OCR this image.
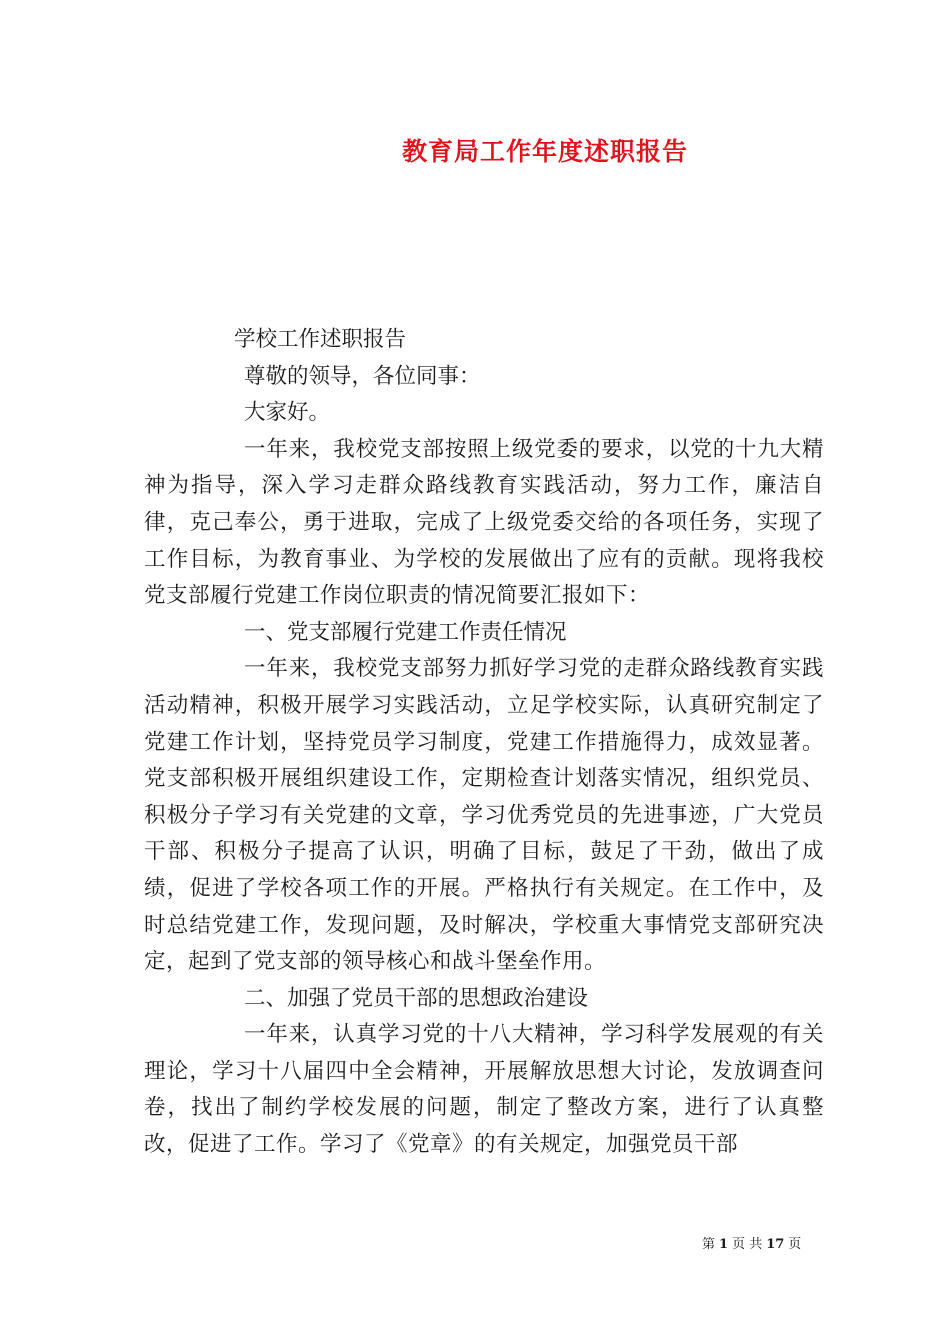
教育局工作年度述职报告

学校工作述职报告

尊敬的领导，各位同事：

大家好。

一年来，我校党支部按照上级党委的要求，以党的十九大精神为指导，深入学习走群众路线教育实践活动，努力工作，廉洁自律，克己奉公，勇于进取，完成了上级党委交给的各项任务，实现了工作目标，为教育事业、为学校的发展做出了应有的贡献。现将我校党支部履行党建工作岗位职责的情况简要汇报如下：

一、党支部履行党建工作责任情况

一年来，我校党支部努力抓好学习党的走群众路线教育实践活动精神，积极开展学习实践活动，立足学校实际，认真研究制定了党建工作计划，坚持党员学习制度，党建工作措施得力，成效显著。党支部积极开展组织建设工作，定期检查计划落实情况，组织党员、积极分子学习有关党建的文章，学习优秀党员的先进事迹，广大党员干部、积极分子提高了认识，明确了目标，鼓足了干劲，做出了成绩，促进了学校各项工作的开展。严格执行有关规定。在工作中，及时总结党建工作，发现问题，及时解决，学校重大事情党支部研究决定，起到了党支部的领导核心和战斗堡垒作用。

二、加强了党员干部的思想政治建设

一年来，认真学习党的十八大精神，学习科学发展观的有关理论，学习十八届四中全会精神，开展解放思想大讨论，发放调查问卷，找出了制约学校发展的问题，制定了整改方案，进行了认真整改，促进了工作。学习了《党章》的有关规定，加强党员干部

第 1 页 共 17 页
